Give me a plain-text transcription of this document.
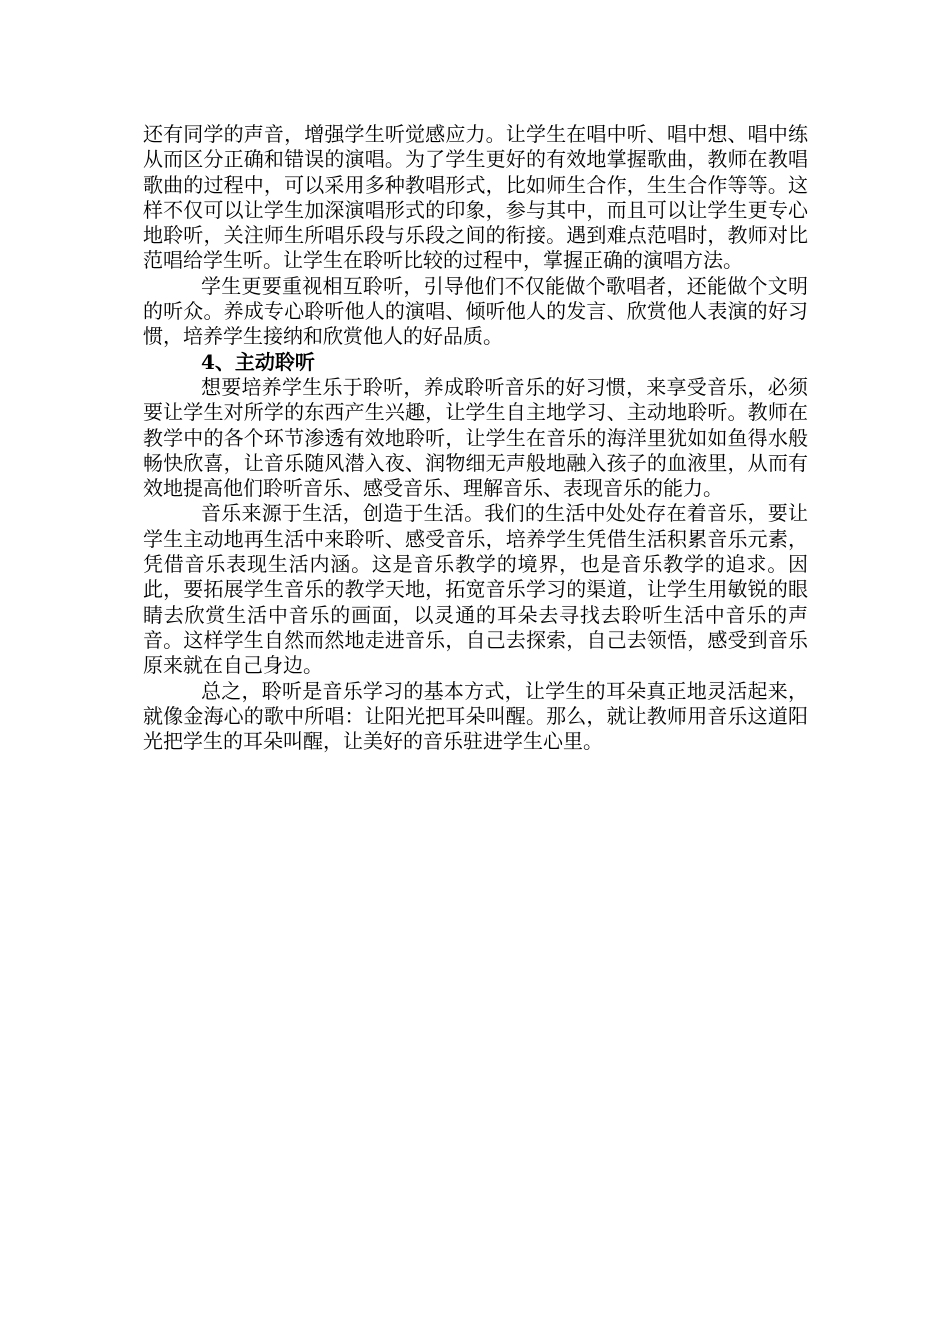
还有同学的声音，增强学生听觉感应力。让学生在唱中听、唱中想、唱中练从而区分正确和错误的演唱。为了学生更好的有效地掌握歌曲，教师在教唱歌曲的过程中，可以采用多种教唱形式，比如师生合作，生生合作等等。这样不仅可以让学生加深演唱形式的印象，参与其中，而且可以让学生更专心地聆听，关注师生所唱乐段与乐段之间的衔接。遇到难点范唱时，教师对比范唱给学生听。让学生在聆听比较的过程中，掌握正确的演唱方法。

学生更要重视相互聆听，引导他们不仅能做个歌唱者，还能做个文明的听众。养成专心聆听他人的演唱、倾听他人的发言、欣赏他人表演的好习惯，培养学生接纳和欣赏他人的好品质。

4、主动聆听

想要培养学生乐于聆听，养成聆听音乐的好习惯，来享受音乐，必须要让学生对所学的东西产生兴趣，让学生自主地学习、主动地聆听。教师在教学中的各个环节渗透有效地聆听，让学生在音乐的海洋里犹如如鱼得水般畅快欣喜，让音乐随风潜入夜、润物细无声般地融入孩子的血液里，从而有效地提高他们聆听音乐、感受音乐、理解音乐、表现音乐的能力。

音乐来源于生活，创造于生活。我们的生活中处处存在着音乐，要让学生主动地再生活中来聆听、感受音乐，培养学生凭借生活积累音乐元素，凭借音乐表现生活内涵。这是音乐教学的境界，也是音乐教学的追求。因此，要拓展学生音乐的教学天地，拓宽音乐学习的渠道，让学生用敏锐的眼睛去欣赏生活中音乐的画面，以灵通的耳朵去寻找去聆听生活中音乐的声音。这样学生自然而然地走进音乐，自己去探索，自己去领悟，感受到音乐原来就在自己身边。

总之，聆听是音乐学习的基本方式，让学生的耳朵真正地灵活起来，就像金海心的歌中所唱：让阳光把耳朵叫醒。那么，就让教师用音乐这道阳光把学生的耳朵叫醒，让美好的音乐驻进学生心里。
